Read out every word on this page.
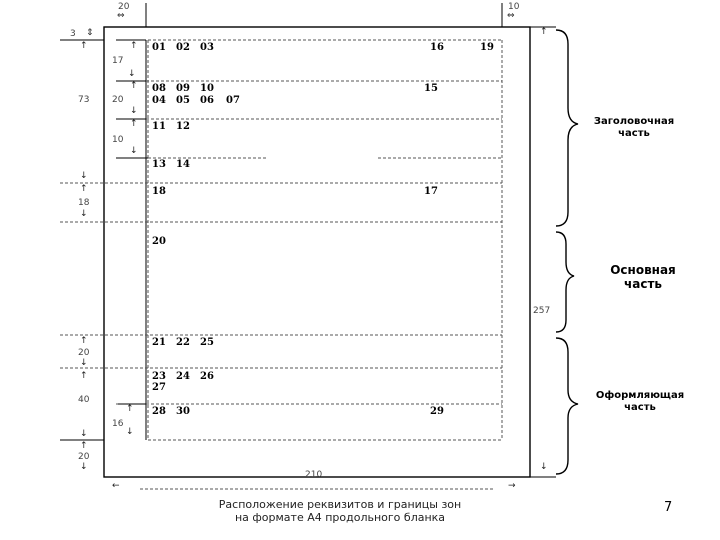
01 02 03	16	19
08 09 10	15
04 05 06 07
11 12
13 14
18	17
20
21 22 25
23 24 26
27
28 30	29
20
⇔
10
⇔
3 ⇕
↑
73
↓
↑
17
↓
↑
20
↓
↑
10
↓
↑
18
↓
↑
20
↓
↑
40
↓
↑
16
↓
↑
20
↓
↑
257
↓
←
210
→
Заголовочная
часть
Основная
часть
Оформляющая
часть
Расположение реквизитов и границы зон
на формате А4 продольного бланка
7
